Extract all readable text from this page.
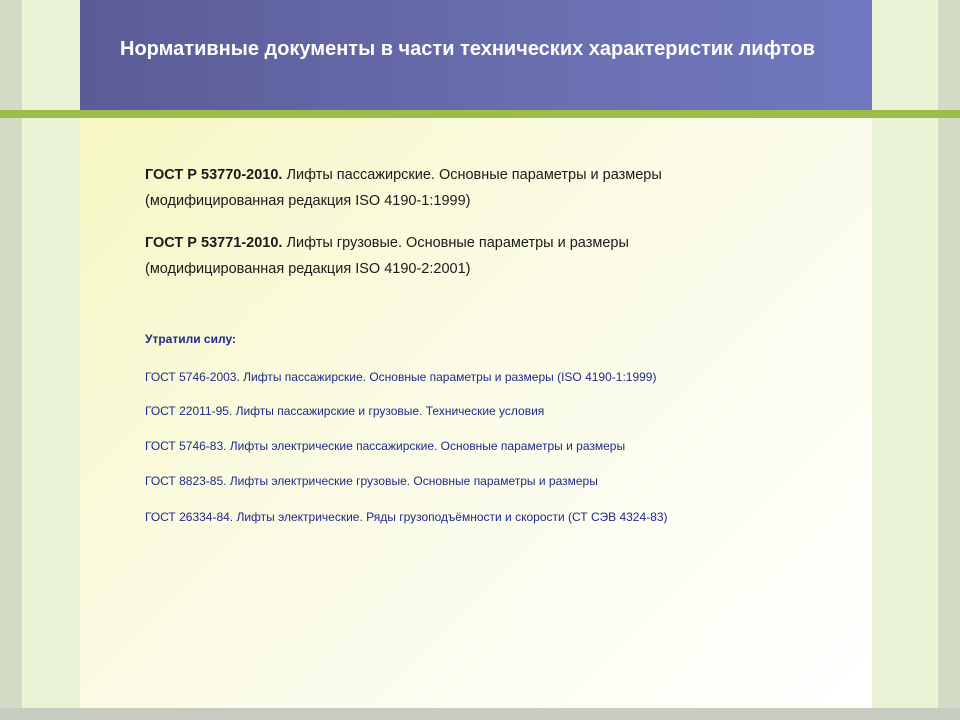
Нормативные документы в части технических характеристик лифтов
ГОСТ Р 53770-2010. Лифты пассажирские. Основные параметры и размеры
(модифицированная редакция ISO 4190-1:1999)
ГОСТ Р 53771-2010. Лифты грузовые. Основные параметры и размеры
(модифицированная редакция ISO 4190-2:2001)
Утратили силу:
ГОСТ 5746-2003. Лифты пассажирские. Основные параметры и размеры (ISO 4190-1:1999)
ГОСТ 22011-95. Лифты пассажирские и грузовые. Технические условия
ГОСТ 5746-83. Лифты электрические пассажирские. Основные параметры и размеры
ГОСТ 8823-85. Лифты электрические грузовые. Основные параметры и размеры
ГОСТ 26334-84. Лифты электрические. Ряды грузоподъёмности и скорости (СТ СЭВ 4324-83)
